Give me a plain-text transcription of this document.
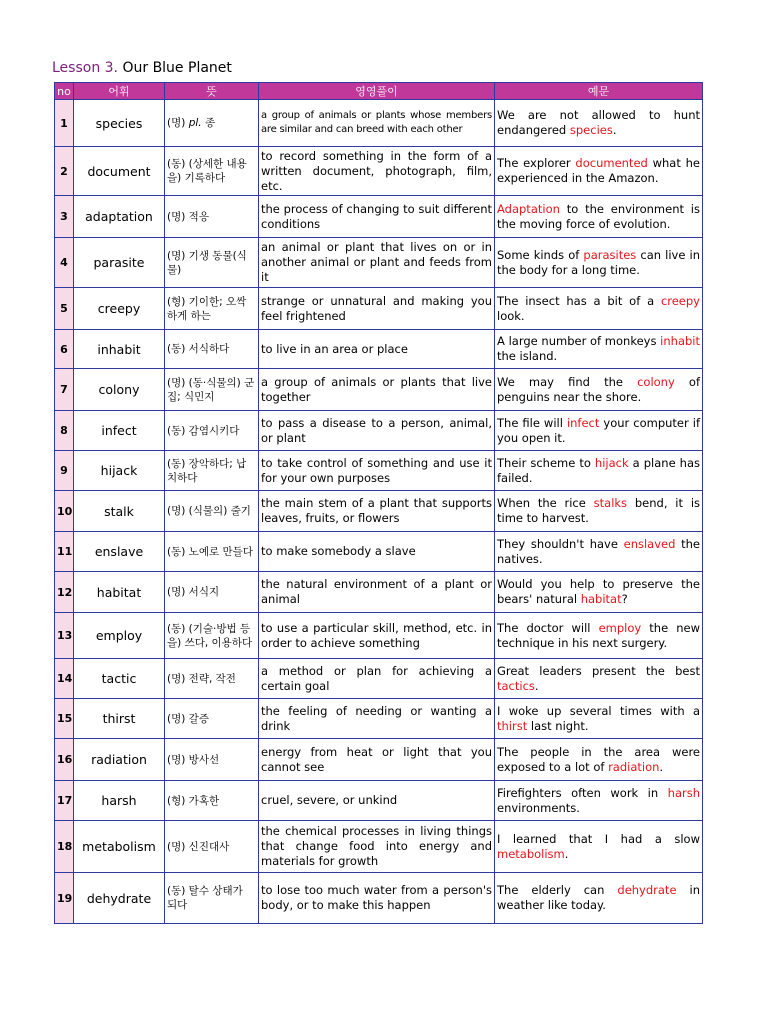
Lesson 3. Our Blue Planet
no	어휘	뜻	영영풀이	예문
1	species	(명) pl. 종	a group of animals or plants whose members are similar and can breed with each other	We are not allowed to hunt endangered species.
2	document	(동) (상세한 내용을) 기록하다	to record something in the form of a written document, photograph, film, etc.	The explorer documented what he experienced in the Amazon.
3	adaptation	(명) 적응	the process of changing to suit different conditions	Adaptation to the environment is the moving force of evolution.
4	parasite	(명) 기생 동물(식물)	an animal or plant that lives on or in another animal or plant and feeds from it	Some kinds of parasites can live in the body for a long time.
5	creepy	(형) 기이한; 오싹하게 하는	strange or unnatural and making you feel frightened	The insect has a bit of a creepy look.
6	inhabit	(동) 서식하다	to live in an area or place	A large number of monkeys inhabit the island.
7	colony	(명) (동·식물의) 군집; 식민지	a group of animals or plants that live together	We may find the colony of penguins near the shore.
8	infect	(동) 감염시키다	to pass a disease to a person, animal, or plant	The file will infect your computer if you open it.
9	hijack	(동) 장악하다; 납치하다	to take control of something and use it for your own purposes	Their scheme to hijack a plane has failed.
10	stalk	(명) (식물의) 줄기	the main stem of a plant that supports leaves, fruits, or flowers	When the rice stalks bend, it is time to harvest.
11	enslave	(동) 노예로 만들다	to make somebody a slave	They shouldn't have enslaved the natives.
12	habitat	(명) 서식지	the natural environment of a plant or animal	Would you help to preserve the bears' natural habitat?
13	employ	(동) (기술·방법 등을) 쓰다, 이용하다	to use a particular skill, method, etc. in order to achieve something	The doctor will employ the new technique in his next surgery.
14	tactic	(명) 전략, 작전	a method or plan for achieving a certain goal	Great leaders present the best tactics.
15	thirst	(명) 갈증	the feeling of needing or wanting a drink	I woke up several times with a thirst last night.
16	radiation	(명) 방사선	energy from heat or light that you cannot see	The people in the area were exposed to a lot of radiation.
17	harsh	(형) 가혹한	cruel, severe, or unkind	Firefighters often work in harsh environments.
18	metabolism	(명) 신진대사	the chemical processes in living things that change food into energy and materials for growth	I learned that I had a slow metabolism.
19	dehydrate	(동) 탈수 상태가 되다	to lose too much water from a person's body, or to make this happen	The elderly can dehydrate in weather like today.
